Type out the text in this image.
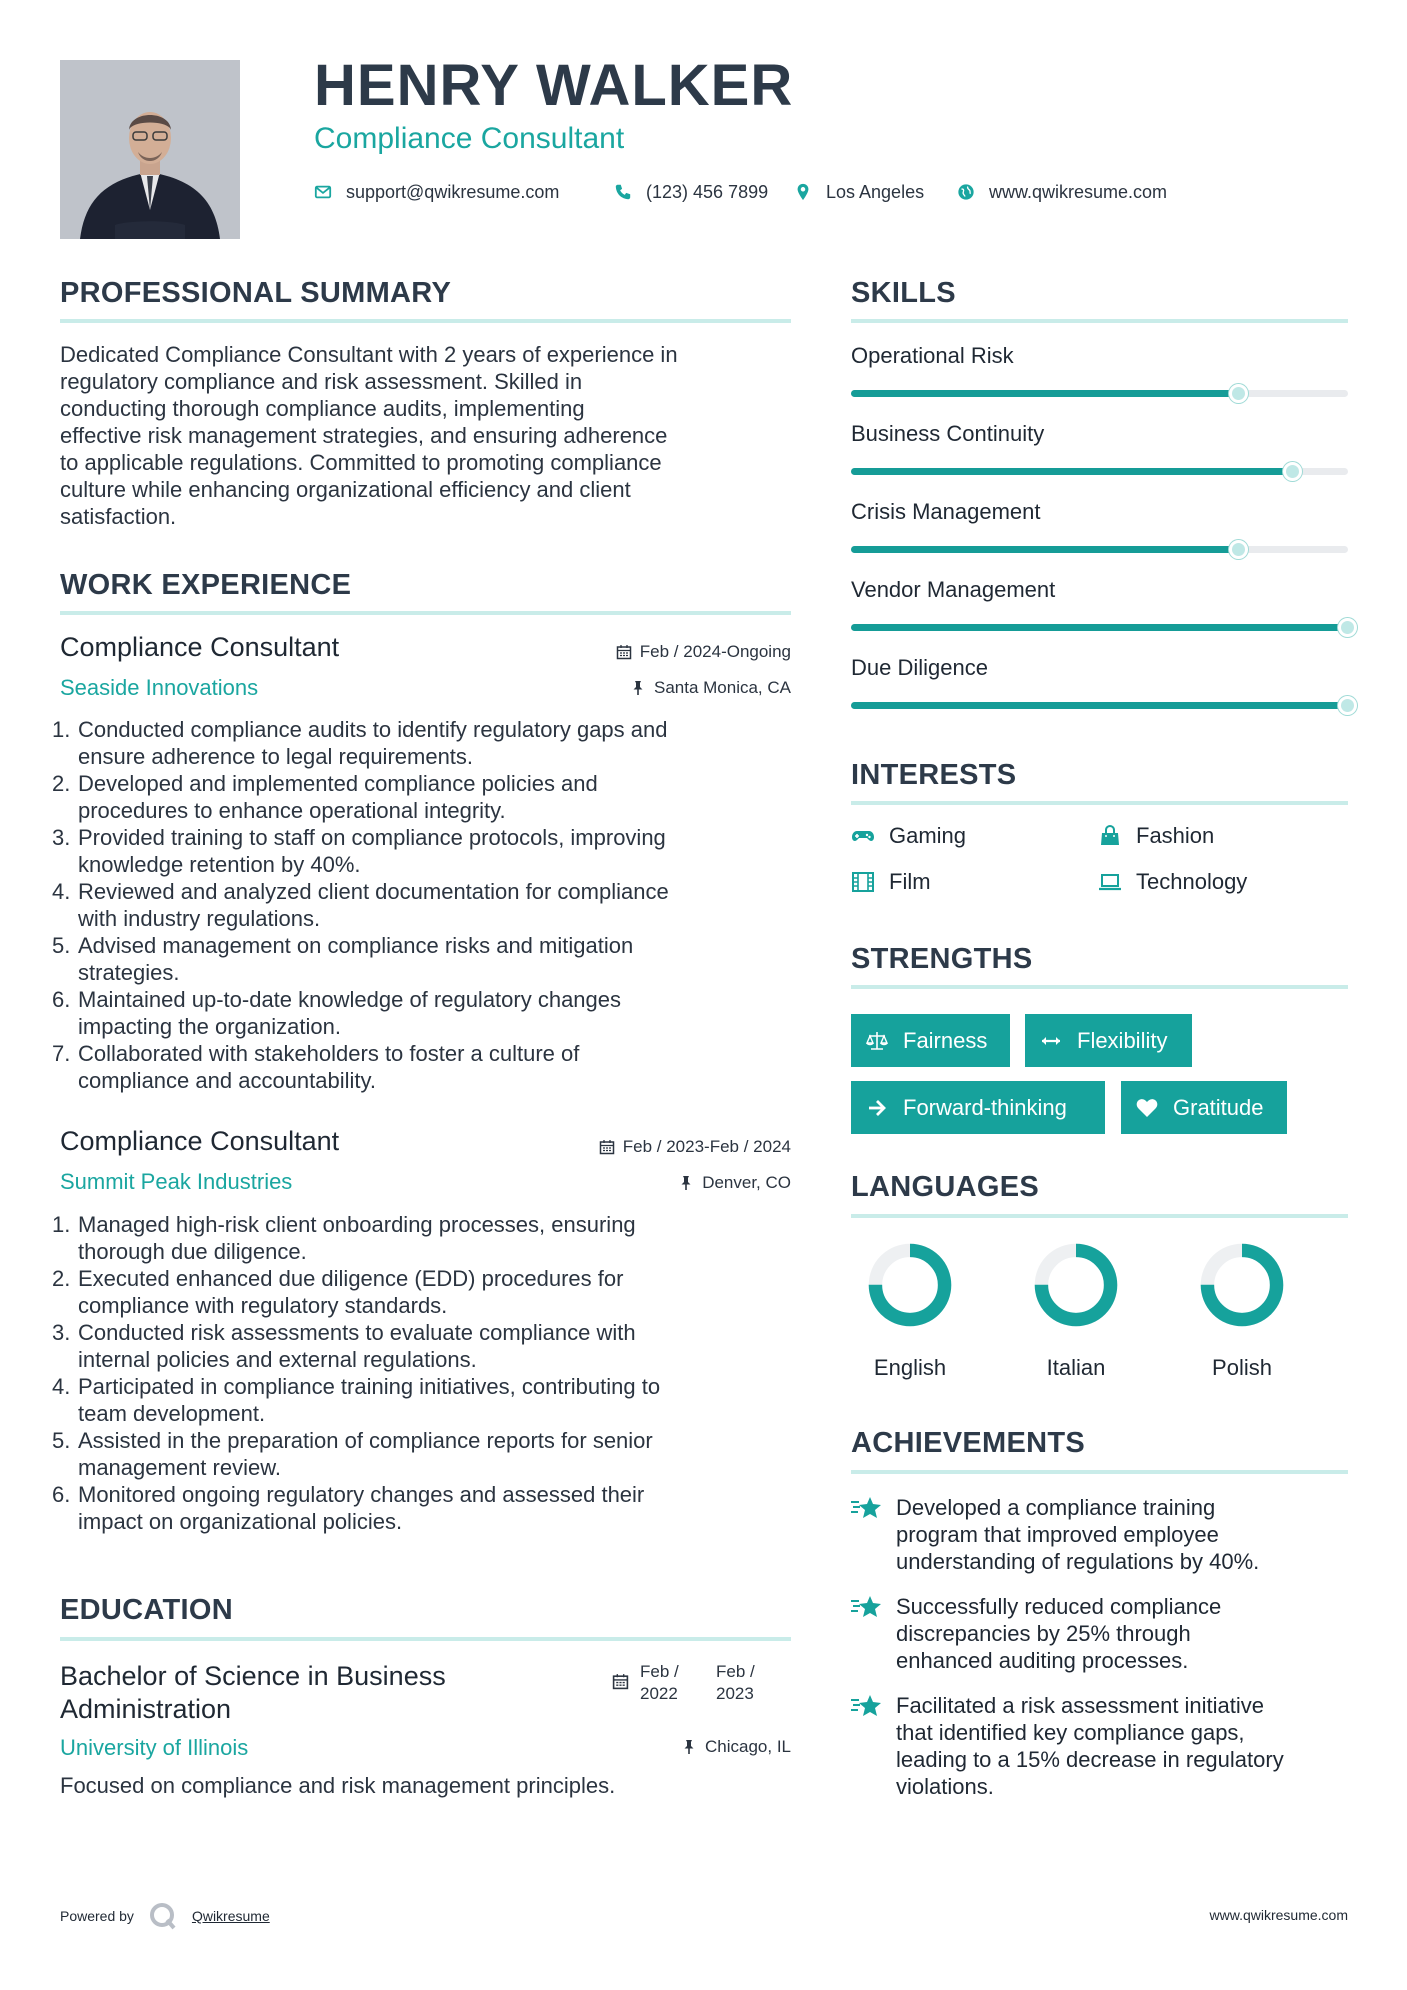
HENRY WALKER
Compliance Consultant
support@qwikresume.com	(123) 456 7899	Los Angeles	www.qwikresume.com
PROFESSIONAL SUMMARY
Dedicated Compliance Consultant with 2 years of experience in
regulatory compliance and risk assessment. Skilled in
conducting thorough compliance audits, implementing
effective risk management strategies, and ensuring adherence
to applicable regulations. Committed to promoting compliance
culture while enhancing organizational efficiency and client
satisfaction.
WORK EXPERIENCE
Compliance Consultant	Feb / 2024-Ongoing
Seaside Innovations	Santa Monica, CA
1. Conducted compliance audits to identify regulatory gaps and
ensure adherence to legal requirements.
2. Developed and implemented compliance policies and
procedures to enhance operational integrity.
3. Provided training to staff on compliance protocols, improving
knowledge retention by 40%.
4. Reviewed and analyzed client documentation for compliance
with industry regulations.
5. Advised management on compliance risks and mitigation
strategies.
6. Maintained up-to-date knowledge of regulatory changes
impacting the organization.
7. Collaborated with stakeholders to foster a culture of
compliance and accountability.
Compliance Consultant	Feb / 2023-Feb / 2024
Summit Peak Industries	Denver, CO
1. Managed high-risk client onboarding processes, ensuring
thorough due diligence.
2. Executed enhanced due diligence (EDD) procedures for
compliance with regulatory standards.
3. Conducted risk assessments to evaluate compliance with
internal policies and external regulations.
4. Participated in compliance training initiatives, contributing to
team development.
5. Assisted in the preparation of compliance reports for senior
management review.
6. Monitored ongoing regulatory changes and assessed their
impact on organizational policies.
EDUCATION
Bachelor of Science in Business
Administration
Feb /
2022
Feb /
2023
University of Illinois	Chicago, IL
Focused on compliance and risk management principles.
SKILLS
Operational Risk
Business Continuity
Crisis Management
Vendor Management
Due Diligence
INTERESTS
Gaming	Fashion
Film	Technology
STRENGTHS
Fairness	Flexibility
Forward-thinking	Gratitude
LANGUAGES
English	Italian	Polish
ACHIEVEMENTS
Developed a compliance training
program that improved employee
understanding of regulations by 40%.
Successfully reduced compliance
discrepancies by 25% through
enhanced auditing processes.
Facilitated a risk assessment initiative
that identified key compliance gaps,
leading to a 15% decrease in regulatory
violations.
Powered by	Qwikresume	www.qwikresume.com
